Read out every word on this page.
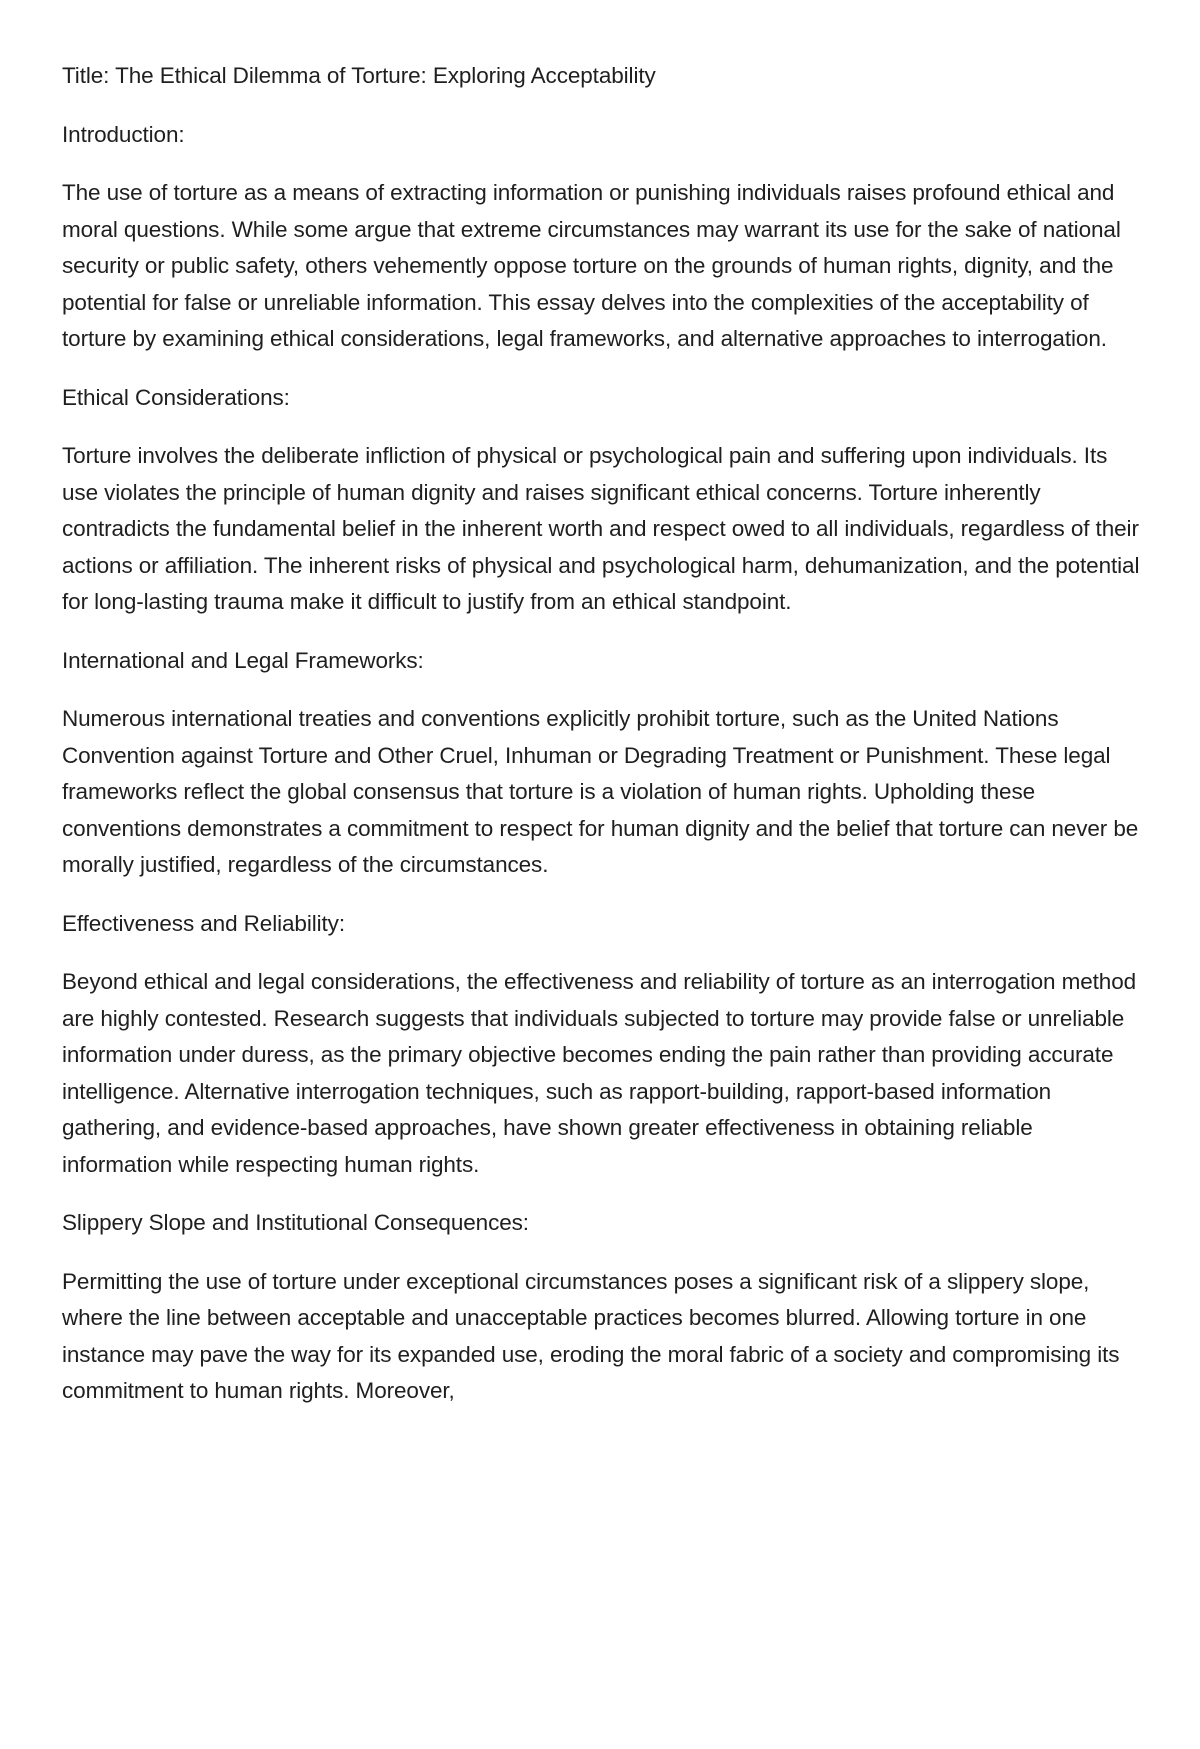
Title: The Ethical Dilemma of Torture: Exploring Acceptability

Introduction:

The use of torture as a means of extracting information or punishing individuals raises profound ethical and moral questions. While some argue that extreme circumstances may warrant its use for the sake of national security or public safety, others vehemently oppose torture on the grounds of human rights, dignity, and the potential for false or unreliable information. This essay delves into the complexities of the acceptability of torture by examining ethical considerations, legal frameworks, and alternative approaches to interrogation.

Ethical Considerations:

Torture involves the deliberate infliction of physical or psychological pain and suffering upon individuals. Its use violates the principle of human dignity and raises significant ethical concerns. Torture inherently contradicts the fundamental belief in the inherent worth and respect owed to all individuals, regardless of their actions or affiliation. The inherent risks of physical and psychological harm, dehumanization, and the potential for long-lasting trauma make it difficult to justify from an ethical standpoint.

International and Legal Frameworks:

Numerous international treaties and conventions explicitly prohibit torture, such as the United Nations Convention against Torture and Other Cruel, Inhuman or Degrading Treatment or Punishment. These legal frameworks reflect the global consensus that torture is a violation of human rights. Upholding these conventions demonstrates a commitment to respect for human dignity and the belief that torture can never be morally justified, regardless of the circumstances.

Effectiveness and Reliability:

Beyond ethical and legal considerations, the effectiveness and reliability of torture as an interrogation method are highly contested. Research suggests that individuals subjected to torture may provide false or unreliable information under duress, as the primary objective becomes ending the pain rather than providing accurate intelligence. Alternative interrogation techniques, such as rapport-building, rapport-based information gathering, and evidence-based approaches, have shown greater effectiveness in obtaining reliable information while respecting human rights.

Slippery Slope and Institutional Consequences:

Permitting the use of torture under exceptional circumstances poses a significant risk of a slippery slope, where the line between acceptable and unacceptable practices becomes blurred. Allowing torture in one instance may pave the way for its expanded use, eroding the moral fabric of a society and compromising its commitment to human rights. Moreover,
